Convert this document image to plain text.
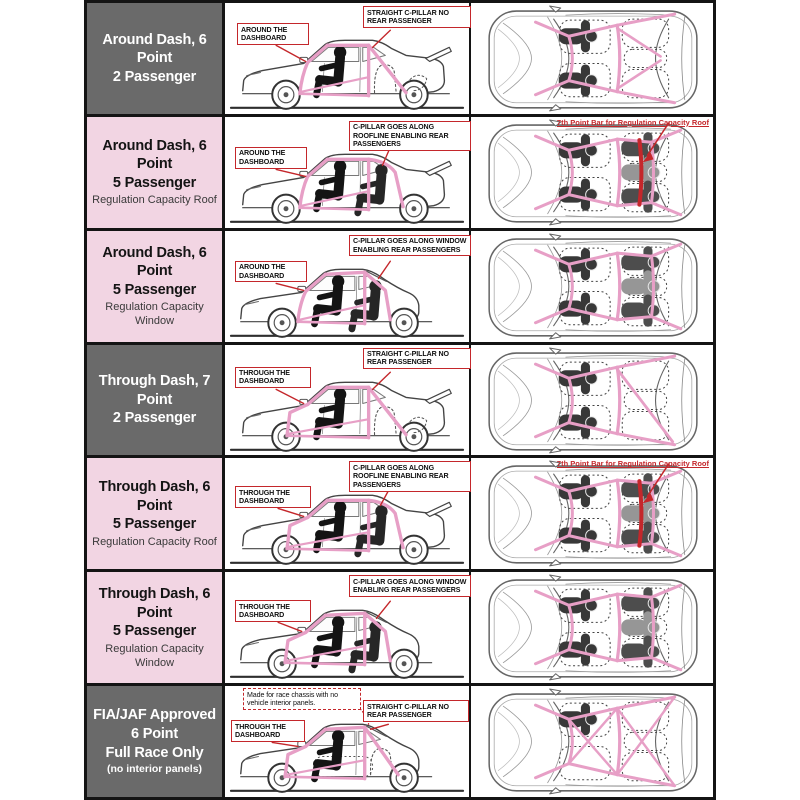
Around Dash, 6 Point
2 Passenger
AROUND THE DASHBOARD
STRAIGHT C-PILLAR NO REAR PASSENGER
Around Dash, 6 Point
5 Passenger
Regulation Capacity Roof
AROUND THE DASHBOARD
C-PILLAR GOES ALONG ROOFLINE ENABLING REAR PASSENGERS
7th Point Bar for Regulation Capacity Roof
Around Dash, 6 Point
5 Passenger
Regulation Capacity Window
AROUND THE DASHBOARD
C-PILLAR GOES ALONG WINDOW ENABLING REAR PASSENGERS
Through Dash, 7 Point
2 Passenger
THROUGH THE DASHBOARD
STRAIGHT C-PILLAR NO REAR PASSENGER
Through Dash, 6 Point
5 Passenger
Regulation Capacity Roof
THROUGH THE DASHBOARD
C-PILLAR GOES ALONG ROOFLINE ENABLING REAR PASSENGERS
7th Point Bar for Regulation Capacity Roof
Through Dash, 6 Point
5 Passenger
Regulation Capacity Window
THROUGH THE DASHBOARD
C-PILLAR GOES ALONG WINDOW ENABLING REAR PASSENGERS
FIA/JAF Approved
6 Point
Full Race Only
(no interior panels)
Made for race chassis with no vehicle interior panels.	STRAIGHT C-PILLAR NO REAR PASSENGER
THROUGH THE DASHBOARD
